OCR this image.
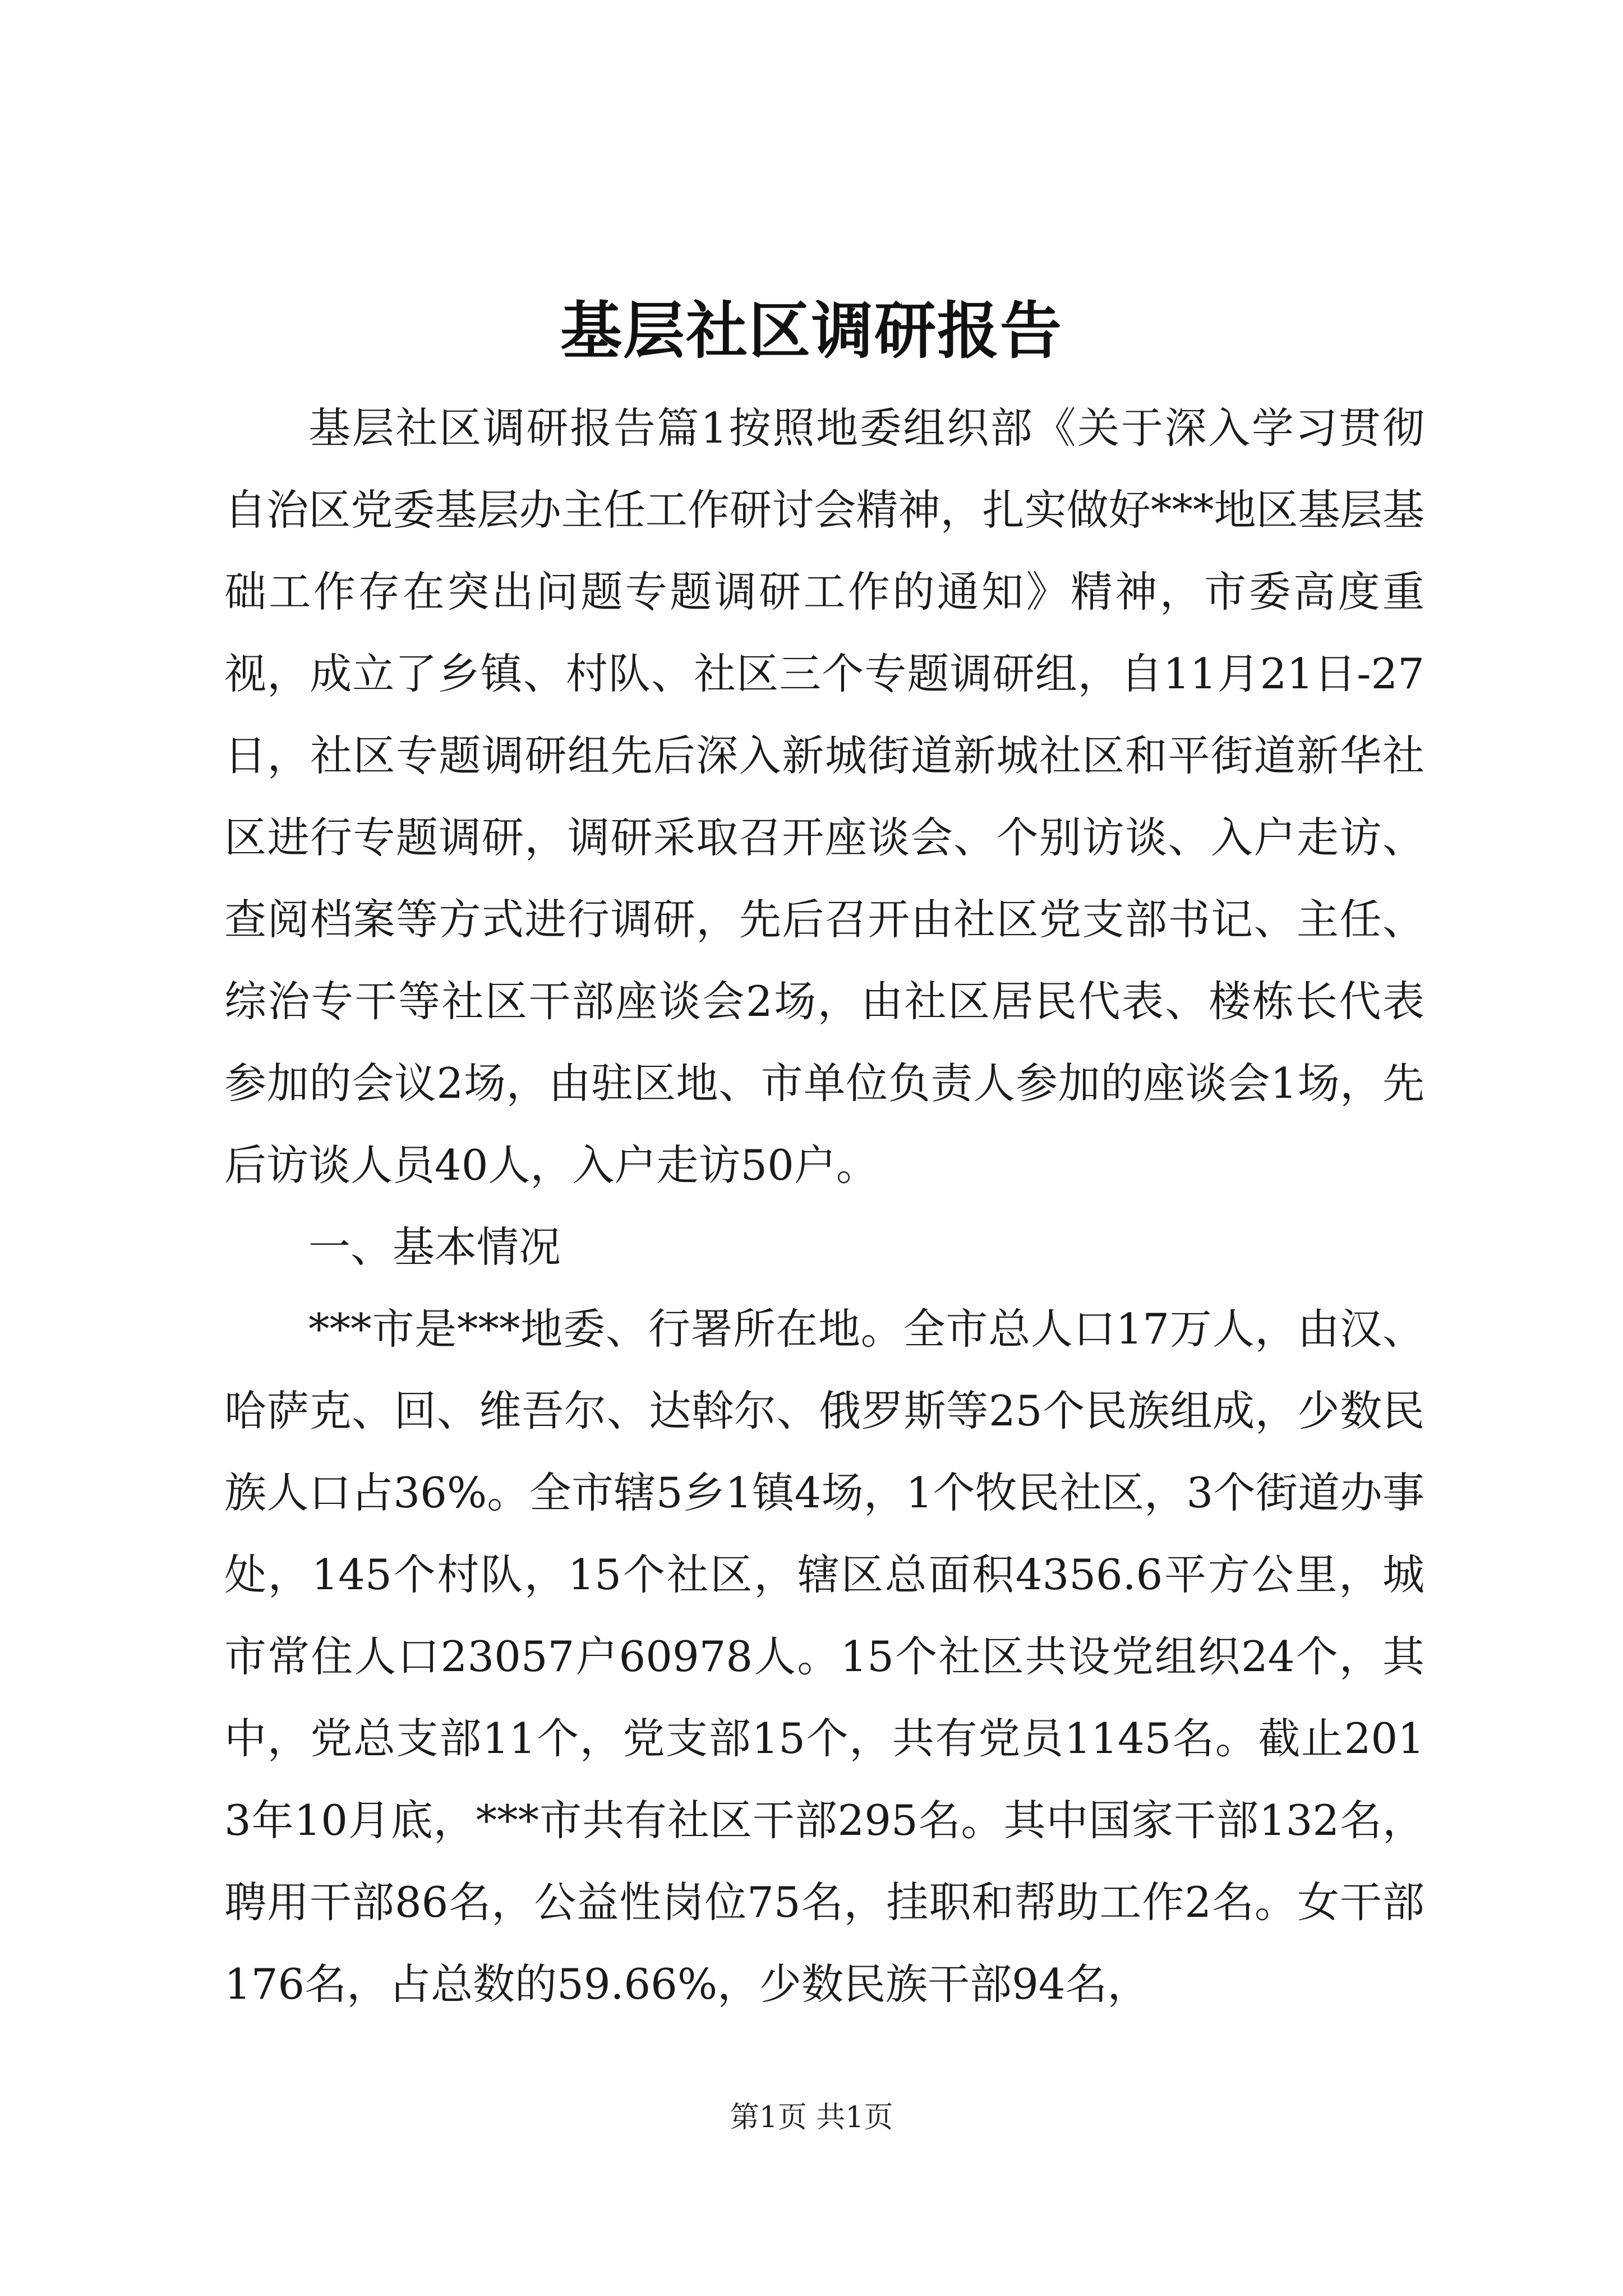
基层社区调研报告

基层社区调研报告篇1按照地委组织部《关于深入学习贯彻自治区党委基层办主任工作研讨会精神，扎实做好***地区基层基础工作存在突出问题专题调研工作的通知》精神，市委高度重视，成立了乡镇、村队、社区三个专题调研组，自11月21日-27日，社区专题调研组先后深入新城街道新城社区和平街道新华社区进行专题调研，调研采取召开座谈会、个别访谈、入户走访、查阅档案等方式进行调研，先后召开由社区党支部书记、主任、综治专干等社区干部座谈会2场，由社区居民代表、楼栋长代表参加的会议2场，由驻区地、市单位负责人参加的座谈会1场，先后访谈人员40人，入户走访50户。

一、基本情况

***市是***地委、行署所在地。全市总人口17万人，由汉、哈萨克、回、维吾尔、达斡尔、俄罗斯等25个民族组成，少数民族人口占36%。全市辖5乡1镇4场，1个牧民社区，3个街道办事处，145个村队，15个社区，辖区总面积4356.6平方公里，城市常住人口23057户60978人。15个社区共设党组织24个，其中，党总支部11个，党支部15个，共有党员1145名。截止2013年10月底，***市共有社区干部295名。其中国家干部132名，聘用干部86名，公益性岗位75名，挂职和帮助工作2名。女干部176名，占总数的59.66%，少数民族干部94名，

第1页 共1页
